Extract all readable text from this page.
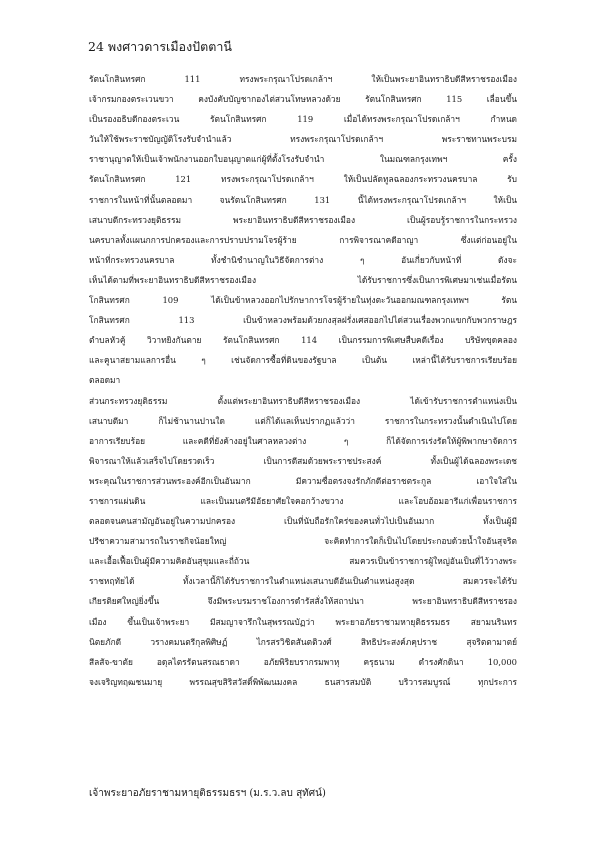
24 พงศาวดารเมืองปัตตานี

รัตนโกสินทรศก 111 ทรงพระกรุณาโปรดเกล้าฯ ให้เป็นพระยาอินทราธิบดีสีหราชรองเมือง
เจ้ากรมกองตระเวนขวา คงบังคับบัญชากองไต่สวนโทษหลวงด้วย รัตนโกสินทรศก 115 เลื่อนขึ้น
เป็นรองอธิบดีกองตระเวน รัตนโกสินทรศก 119 เมื่อได้ทรงพระกรุณาโปรดเกล้าฯ กำหนด
วันให้ใช้พระราชบัญญัติโรงรับจำนำแล้ว ทรงพระกรุณาโปรดเกล้าฯ พระราชทานพระบรม
ราชานุญาตให้เป็นเจ้าพนักงานออกใบอนุญาตแก่ผู้ที่ตั้งโรงรับจำนำ ในมณฑลกรุงเทพฯ ครั้ง
รัตนโกสินทรศก 121 ทรงพระกรุณาโปรดเกล้าฯ ให้เป็นปลัดทูลฉลองกระทรวงนครบาล รับ
ราชการในหน้าที่นั้นตลอดมา จนรัตนโกสินทรศก 131 นี้ได้ทรงพระกรุณาโปรดเกล้าฯ ให้เป็น
เสนาบดีกระทรวงยุติธรรม พระยาอินทราธิบดีสีหราชรองเมือง เป็นผู้รอบรู้ราชการในกระทรวง
นครบาลทั้งแผนกการปกครองและการปราบปรามโจรผู้ร้าย การพิจารณาคดีอาญา ซึ่งแต่ก่อนอยู่ใน
หน้าที่กระทรวงนครบาล ทั้งชำนิชำนาญในวิธีจัดการต่าง ๆ อันเกี่ยวกับหน้าที่ ดังจะ
เห็นได้ตามที่พระยาอินทราธิบดีสีหราชรองเมือง ได้รับราชการซึ่งเป็นการพิเศษมาเช่นเมื่อรัตน
โกสินทรศก 109 ได้เป็นข้าหลวงออกไปรักษาการโจรผู้ร้ายในทุ่งตะวันออกมณฑลกรุงเทพฯ รัตน
โกสินทรศก 113 เป็นข้าหลวงพร้อมด้วยกงสุลฝรั่งเศสออกไปได่สวนเรื่องพวกแขกกับพวกราษฎร
ตำบลหัวคู้ วิวาทยิงกันตาย รัตนโกสินทรศก 114 เป็นกรรมการพิเศษสืบคดีเรื่อง บริษัทขุดคลอง
และคูนาสยามแลการอื่น ๆ เช่นจัดการซื้อที่ดินของรัฐบาล เป็นต้น เหล่านี้ได้รับราชการเรียบร้อย
ตลอดมา

ส่วนกระทรวงยุติธรรม ตั้งแต่พระยาอินทราธิบดีสีหราชรองเมือง ได้เข้ารับราชการตำแหน่งเป็น
เสนาบดีมา ก็ไม่ช้านานปานใด แต่ก็ได้แลเห็นปรากฏแล้วว่า ราชการในกระทรวงนั้นดำเนินไปโดย
อาการเรียบร้อย และคดีที่ยังค้างอยู่ในศาลหลวงต่าง ๆ ก็ได้จัดการเร่งรัดให้ผู้พิพากษาจัดการ
พิจารณาให้แล้วเสร็จไปโดยรวดเร็ว เป็นการดีสมด้วยพระราชประสงค์ ทั้งเป็นผู้ได้ฉลองพระเดช
พระคุณในราชการส่วนพระองค์อีกเป็นอันมาก มีความซื่อตรงจงรักภักดีต่อราชตระกูล เอาใจใส่ใน
ราชการแผ่นดิน และเป็นมนตรีมีอัธยาศัยใจคอกว้างขวาง และโอบอ้อมอารีแก่เพื่อนราชการ
ตลอดจนคนสามัญอันอยู่ในความปกครอง เป็นที่นับถือรักใคร่ของคนทั่วไปเป็นอันมาก ทั้งเป็นผู้มี
ปรีชาความสามารถในราชกิจน้อยใหญ่ จะคิดทำการใดก็เป็นไปโดยประกอบด้วยน้ำใจอันสุจริต
และเอื้อเฟื้อเป็นผู้มีความคิดอันสุขุมและถี่ถ้วน สมควรเป็นข้าราชการผู้ใหญ่อันเป็นที่ไว้วางพระ
ราชหฤทัยได้ ทั้งเวลานี้ก็ได้รับราชการในตำแหน่งเสนาบดีอันเป็นตำแหน่งสูงสุด สมควรจะได้รับ
เกียรติยศใหญ่ยิ่งขึ้น จึงมีพระบรมราชโองการดำรัสสั่งให้สถาปนา พระยาอินทราธิบดีสีหราชรอง
เมือง ขึ้นเป็นเจ้าพระยา มีสมญาจารึกในสุพรรณบัฏว่า พระยาอภัยราชามหายุติธรรมธร สยามนรินทร
นิตยภักดี วรางคมนตรีกุลพิศิษฏ์ ไกรสรวิชิตสันตติวงศ์ สิทธิประสงค์ภคุปราช สุจริตตามาตย์
สีลสัจ-ขาตัย อดุลไตรรัตนสรณธาดา อภัยพิริยบรากรมพาหุ ครุธนาม ดำรงศักดินา 10,000
จงเจริญทฤฒชนมายุ พรรณสุขสิริสวัสดิ์พิพัฒนมงคล ธนสารสมบัติ บริวารสมบูรณ์ ทุกประการ

เจ้าพระยาอภัยราชามหายุติธรรมธรฯ (ม.ร.ว.ลบ สุทัศน์)
